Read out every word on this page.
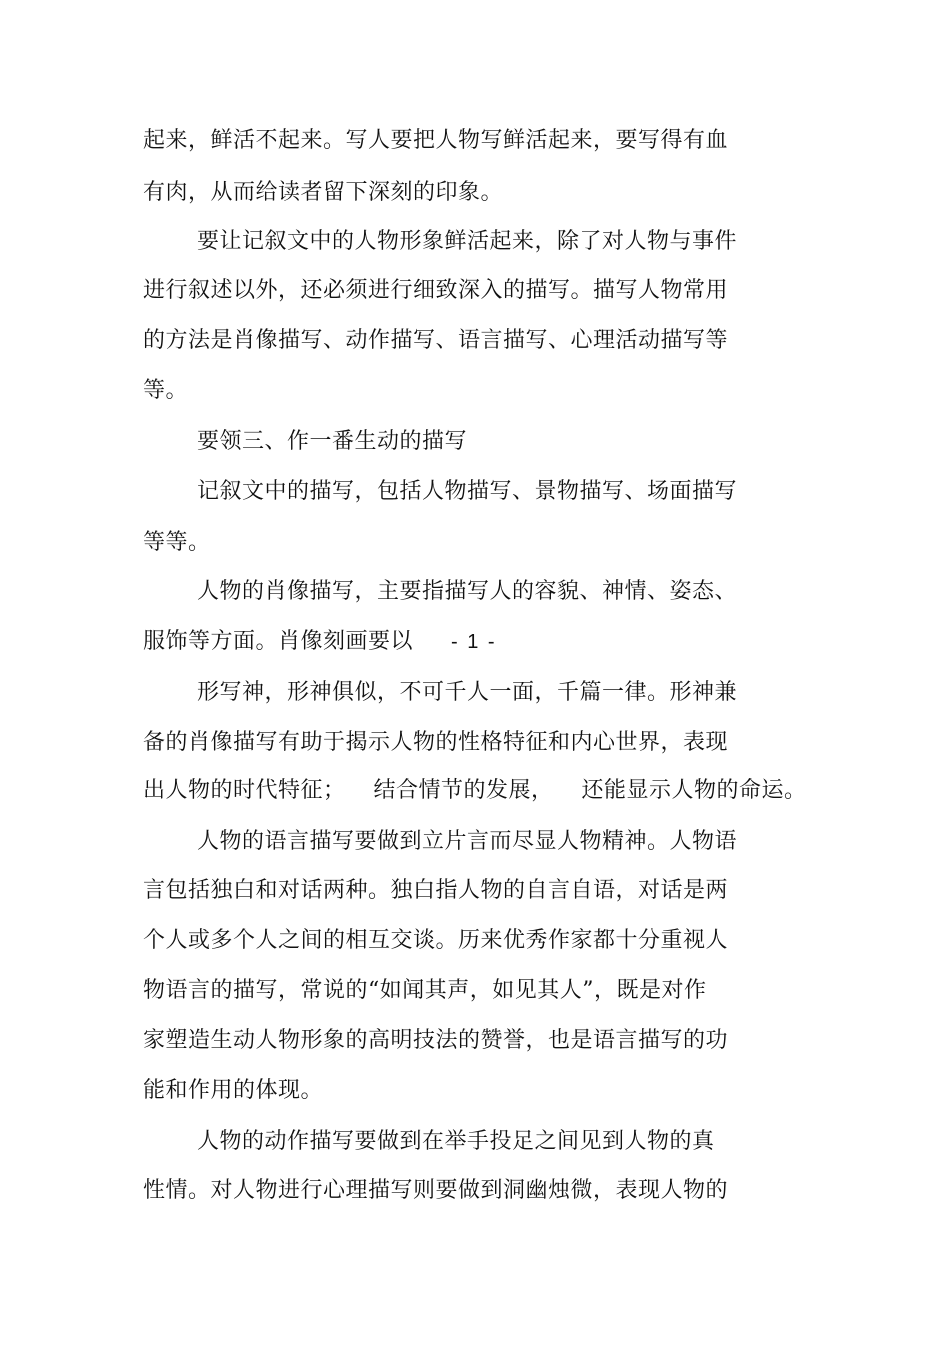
起来，鲜活不起来。写人要把人物写鲜活起来，要写得有血
有肉，从而给读者留下深刻的印象。
要让记叙文中的人物形象鲜活起来，除了对人物与事件
进行叙述以外，还必须进行细致深入的描写。描写人物常用
的方法是肖像描写、动作描写、语言描写、心理活动描写等
等。
要领三、作一番生动的描写
记叙文中的描写，包括人物描写、景物描写、场面描写
等等。
人物的肖像描写，主要指描写人的容貌、神情、姿态、
服饰等方面。肖像刻画要以 - 1 -
形写神，形神俱似，不可千人一面，千篇一律。形神兼
备的肖像描写有助于揭示人物的性格特征和内心世界，表现
出人物的时代特征； 结合情节的发展， 还能显示人物的命运。
人物的语言描写要做到立片言而尽显人物精神。人物语
言包括独白和对话两种。独白指人物的自言自语，对话是两
个人或多个人之间的相互交谈。历来优秀作家都十分重视人
物语言的描写，常说的“如闻其声，如见其人”，既是对作
家塑造生动人物形象的高明技法的赞誉，也是语言描写的功
能和作用的体现。
人物的动作描写要做到在举手投足之间见到人物的真
性情。对人物进行心理描写则要做到洞幽烛微，表现人物的
